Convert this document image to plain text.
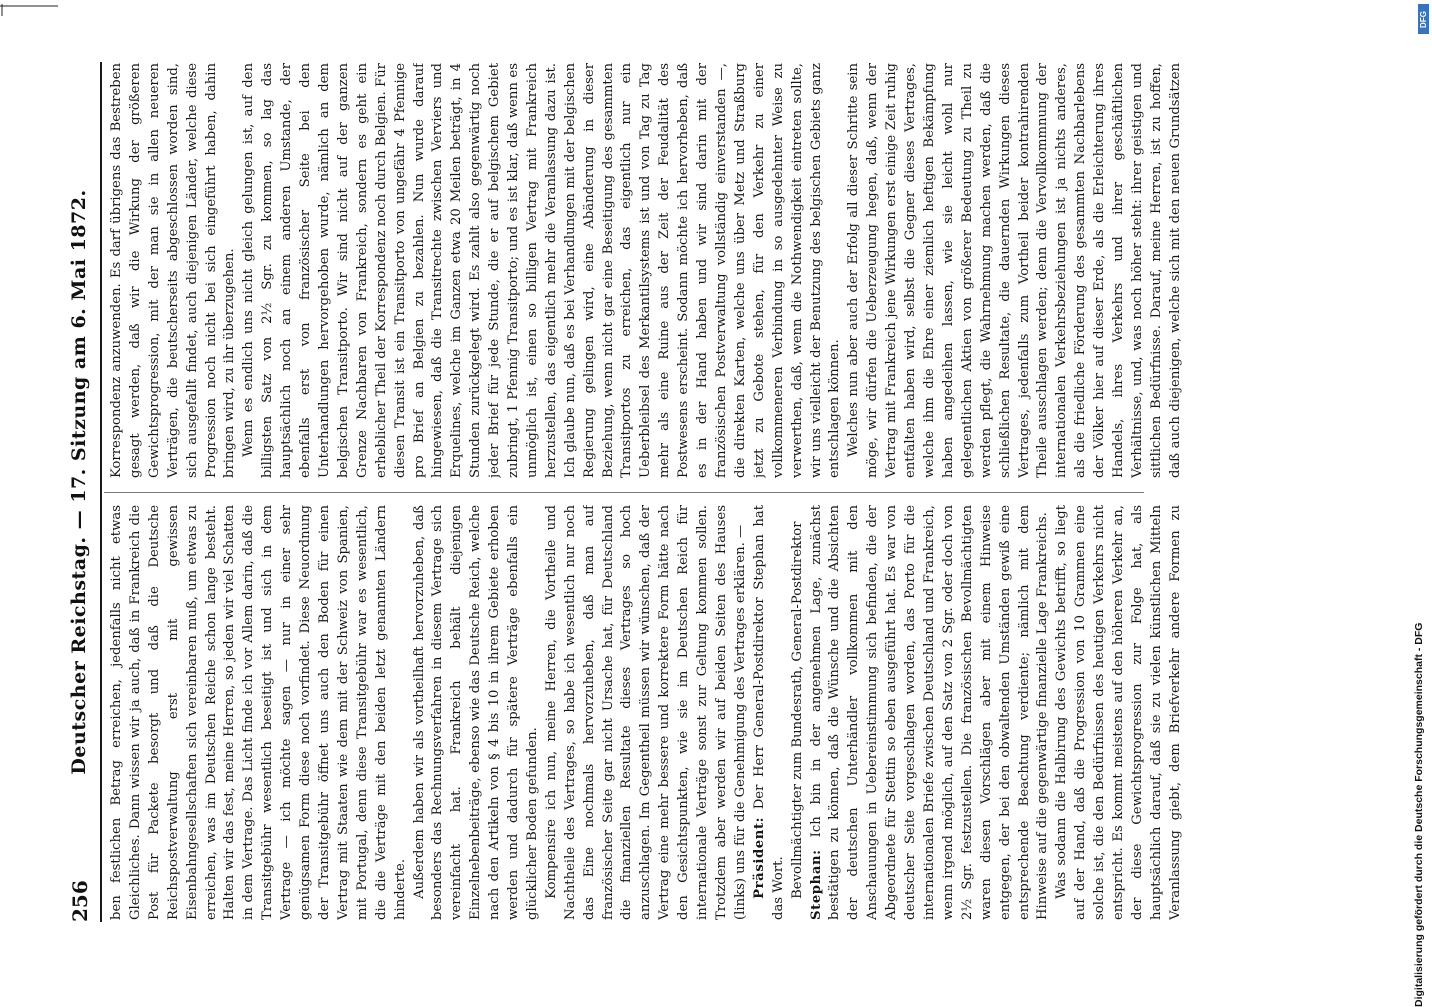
256
Deutscher Reichstag. — 17. Sitzung am 6. Mai 1872. ben festlichen Betrag erreichen, jedenfalls nicht etwas Gleichliches. Dann wissen wir ja auch, daß in Frankreich die Post für Packete besorgt und daß die Deutsche Reichspostverwaltung erst mit gewissen Eisenbahngesellschaften sich vereinbaren muß, um etwas zu erreichen, was im Deutschen Reiche schon lange besteht. Halten wir das fest, meine Herren, so jeden wir viel Schatten in dem Vertrage. Das Licht finde ich vor Allem darin, daß die Transitgebühr wesentlich beseitigt ist und sich in dem Vertrage — ich möchte sagen — nur in einer sehr genügsamen Form diese noch vorfindet. Diese Neuordnung der Transitgebühr öffnet uns auch den Boden für einen Vertrag mit Staaten wie dem mit der Schweiz von Spanien, mit Portugal, denn diese Transitgebühr war es wesentlich, die die Verträge mit den beiden letzt genannten Ländern hinderte. Außerdem haben wir als vortheilhaft hervorzuheben, daß besonders das Rechnungsverfahren in diesem Vertrage sich vereinfacht hat. Frankreich behält diejenigen Einzelnebenbeiträge, ebenso wie das Deutsche Reich, welche nach den Artikeln von § 4 bis 10 in ihrem Gebiete erhoben werden und dadurch für spätere Verträge ebenfalls ein glücklicher Boden gefunden. Kompensire ich nun, meine Herren, die Vortheile und Nachtheile des Vertrages, so habe ich wesentlich nur noch das Eine nochmals hervorzuheben, daß man auf französischer Seite gar nicht Ursache hat, für Deutschland die finanziellen Resultate dieses Vertrages so hoch anzuschlagen. Im Gegentheil müssen wir wünschen, daß der Vertrag eine mehr bessere und korrektere Form hätte nach den Gesichtspunkten, wie sie im Deutschen Reich für internationale Verträge sonst zur Geltung kommen sollen. Trotzdem aber werden wir auf beiden Seiten des Hauses (links) uns für die Genehmigung des Vertrages erklären. — Präsident: Der Herr General-Postdirektor Stephan hat das Wort. Bevollmächtigter zum Bundesrath, General-Postdirektor Stephan: Ich bin in der angenehmen Lage, zunächst bestätigen zu können, daß die Wünsche und die Absichten der deutschen Unterhändler vollkommen mit den Anschauungen in Uebereinstimmung sich befinden, die der Abgeordnete für Stettin so eben ausgeführt hat. Es war von deutscher Seite vorgeschlagen worden, das Porto für die internationalen Briefe zwischen Deutschland und Frankreich, wenn irgend möglich, auf den Satz von 2 Sgr. oder doch von 2½ Sgr. festzustellen. Die französischen Bevollmächtigten waren diesen Vorschlägen aber mit einem Hinweise entgegen, der bei den obwaltenden Umständen gewiß eine entsprechende Beachtung verdiente; nämlich mit dem Hinweise auf die gegenwärtige finanzielle Lage Frankreichs. Was sodann die Halbirung des Gewichts betrifft, so liegt auf der Hand, daß die Progression von 10 Grammen eine solche ist, die den Bedürfnissen des heutigen Verkehrs nicht entspricht. Es kommt meistens auf den höheren Verkehr an, der diese Gewichtsprogression zur Folge hat, als hauptsächlich darauf, daß sie zu vielen künstlichen Mitteln Veranlassung giebt, dem Briefverkehr andere Formen zu

Korrespondenz anzuwenden. Es darf übrigens das Bestreben gesagt werden, daß wir die Wirkung der größeren Gewichtsprogression, mit der man sie in allen neueren Verträgen, die beutscherseits abgeschlossen worden sind, sich ausgefallt findet, auch diejenigen Länder, welche diese Progression noch nicht bei sich eingeführt haben, dahin bringen wird, zu ihr überzugehen. Wenn es endlich uns nicht gleich gelungen ist, auf den billigsten Satz von 2½ Sgr. zu kommen, so lag das hauptsächlich noch an einem anderen Umstande, der ebenfalls erst von französischer Seite bei den Unterhandlungen hervorgehoben wurde, nämlich an dem belgischen Transitporto. Wir sind nicht auf der ganzen Grenze Nachbaren von Frankreich, sondern es geht ein erheblicher Theil der Korrespondenz noch durch Belgien. Für diesen Transit ist ein Transitporto von ungefähr 4 Pfennige pro Brief an Belgien zu bezahlen. Nun wurde darauf hingewiesen, daß die Transitrechte zwischen Verviers und Erquelines, welche im Ganzen etwa 20 Meilen beträgt, in 4 Stunden zurückgelegt wird. Es zahlt also gegenwärtig noch jeder Brief für jede Stunde, die er auf belgischem Gebiet zubringt, 1 Pfennig Transitporto; und es ist klar, daß wenn es unmöglich ist, einen so billigen Vertrag mit Frankreich herzustellen, das eigentlich mehr die Veranlassung dazu ist. Ich glaube nun, daß es bei Verhandlungen mit der belgischen Regierung gelingen wird, eine Abänderung in dieser Beziehung, wenn nicht gar eine Beseitigung des gesammten Transitportos zu erreichen, das eigentlich nur ein Ueberbleibsel des Merkantilsystems ist und von Tag zu Tag mehr als eine Ruine aus der Zeit der Feudalität des Postwesens erscheint. Sodann möchte ich hervorheben, daß es in der Hand haben und wir sind darin mit der französischen Postverwaltung vollständig einverstanden —, die direkten Karten, welche uns über Metz und Straßburg jetzt zu Gebote stehen, für den Verkehr zu einer vollkommeneren Verbindung in so ausgedehnter Weise zu verwerthen, daß, wenn die Nothwendigkeit eintreten sollte, wir uns vielleicht der Benutzung des belgischen Gebiets ganz entschlagen können. Welches nun aber auch der Erfolg all dieser Schritte sein möge, wir dürfen die Ueberzeugung hegen, daß, wenn der Vertrag mit Frankreich jene Wirkungen erst einige Zeit ruhig entfalten haben wird, selbst die Gegner dieses Vertrages, welche ihm die Ehre einer ziemlich heftigen Bekämpfung haben angedeihen lassen, wie sie leicht wohl nur gelegentlichen Aktien von größerer Bedeutung zu Theil zu werden pflegt, die Wahrnehmung machen werden, daß die schließlichen Resultate, die dauernden Wirkungen dieses Vertrages, jedenfalls zum Vortheil beider kontrahirenden Theile ausschlagen werden; denn die Vervollkommnung der internationalen Verkehrsbeziehungen ist ja nichts anderes, als die friedliche Förderung des gesammten Nachbarlebens der Völker hier auf dieser Erde, als die Erleichterung ihres Handels, ihres Verkehrs und ihrer geschäftlichen Verhältnisse, und, was noch höher steht: ihrer geistigen und sittlichen Bedürfnisse. Darauf, meine Herren, ist zu hoffen, daß auch diejenigen, welche sich mit den neuen Grundsätzen

Digitalisierung gefördert durch die Deutsche Forschungsgemeinschaft - DFG
DFG
